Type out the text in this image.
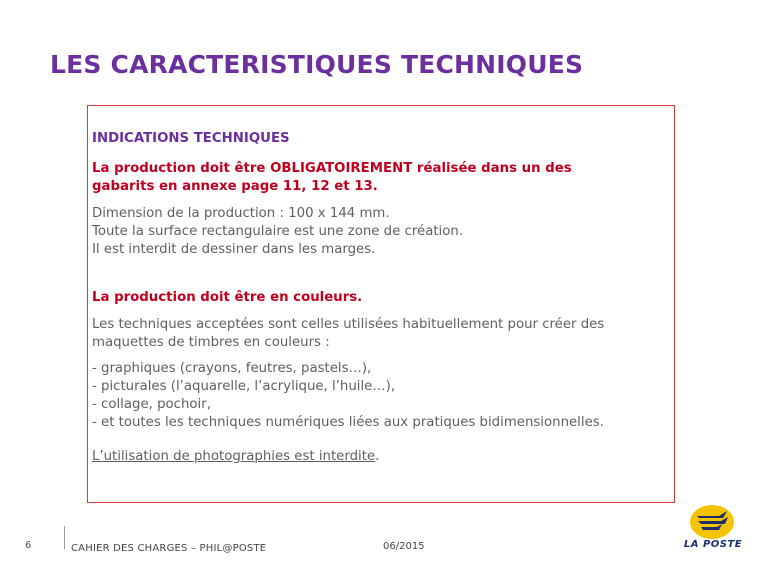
LES CARACTERISTIQUES TECHNIQUES

INDICATIONS TECHNIQUES

La production doit être OBLIGATOIREMENT réalisée dans un des

gabarits en annexe page 11, 12 et 13.

Dimension de la production : 100 x 144 mm.

Toute la surface rectangulaire est une zone de création.

Il est interdit de dessiner dans les marges.

La production doit être en couleurs.

Les techniques acceptées sont celles utilisées habituellement pour créer des

maquettes de timbres en couleurs :

- graphiques (crayons, feutres, pastels…),

- picturales (l’aquarelle, l’acrylique, l’huile…),

- collage, pochoir,

- et toutes les techniques numériques liées aux pratiques bidimensionnelles.

L’utilisation de photographies est interdite.

6	CAHIER DES CHARGES – PHIL@POSTE	06/2015	LA POSTE
